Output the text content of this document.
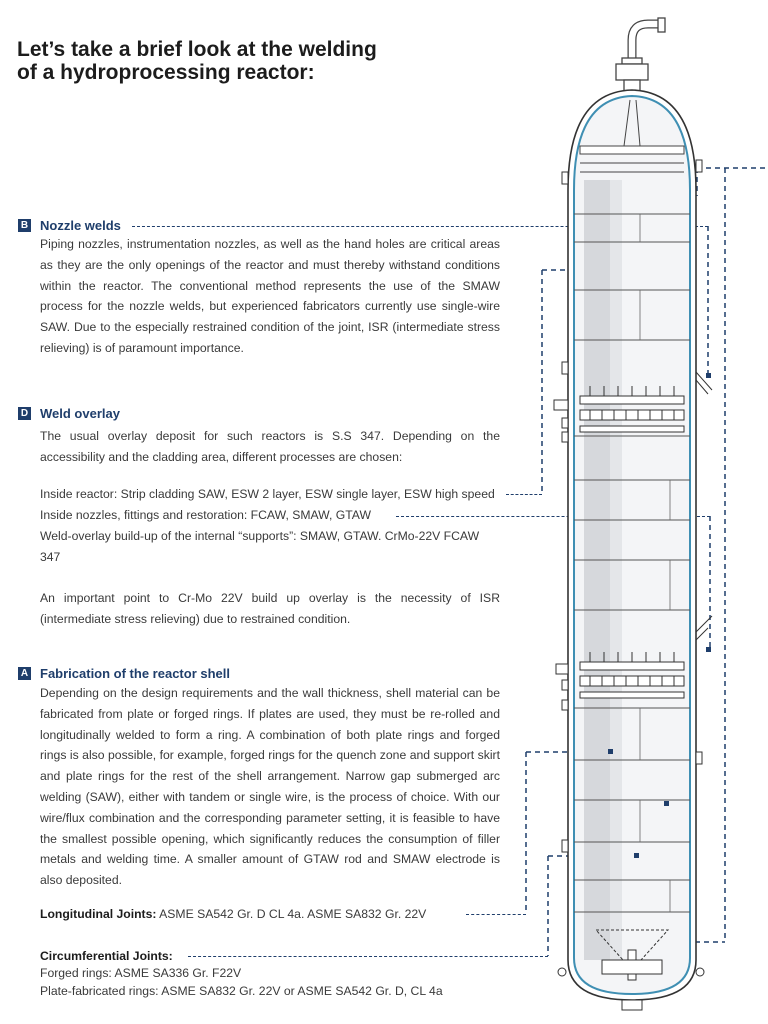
Let’s take a brief look at the welding
of a hydroprocessing reactor:
B Nozzle welds

Piping nozzles, instrumentation nozzles, as well as the hand holes are critical areas as they are the only openings of the reactor and must thereby withstand conditions within the reactor. The conventional method represents the use of the SMAW process for the nozzle welds, but experienced fabricators currently use single-wire SAW. Due to the especially restrained condition of the joint, ISR (intermediate stress relieving) is of paramount importance.

D Weld overlay

The usual overlay deposit for such reactors is S.S 347. Depending on the accessibility and the cladding area, different processes are chosen:

Inside reactor: Strip cladding SAW, ESW 2 layer, ESW single layer, ESW high speed

Inside nozzles, fittings and restoration: FCAW, SMAW, GTAW

Weld-overlay build-up of the internal “supports”: SMAW, GTAW. CrMo-22V FCAW 347

An important point to Cr-Mo 22V build up overlay is the necessity of ISR (intermediate stress relieving) due to restrained condition.

A Fabrication of the reactor shell

Depending on the design requirements and the wall thickness, shell material can be fabricated from plate or forged rings. If plates are used, they must be re-rolled and longitudinally welded to form a ring. A combination of both plate rings and forged rings is also possible, for example, forged rings for the quench zone and support skirt and plate rings for the rest of the shell arrangement. Narrow gap submerged arc welding (SAW), either with tandem or single wire, is the process of choice. With our wire/flux combination and the corresponding parameter setting, it is feasible to have the smallest possible opening, which significantly reduces the consumption of filler metals and welding time. A smaller amount of GTAW rod and SMAW electrode is also deposited.

Longitudinal Joints: ASME SA542 Gr. D CL 4a. ASME SA832 Gr. 22V

Circumferential Joints:

Forged rings: ASME SA336 Gr. F22V

Plate-fabricated rings: ASME SA832 Gr. 22V or ASME SA542 Gr. D, CL 4a
